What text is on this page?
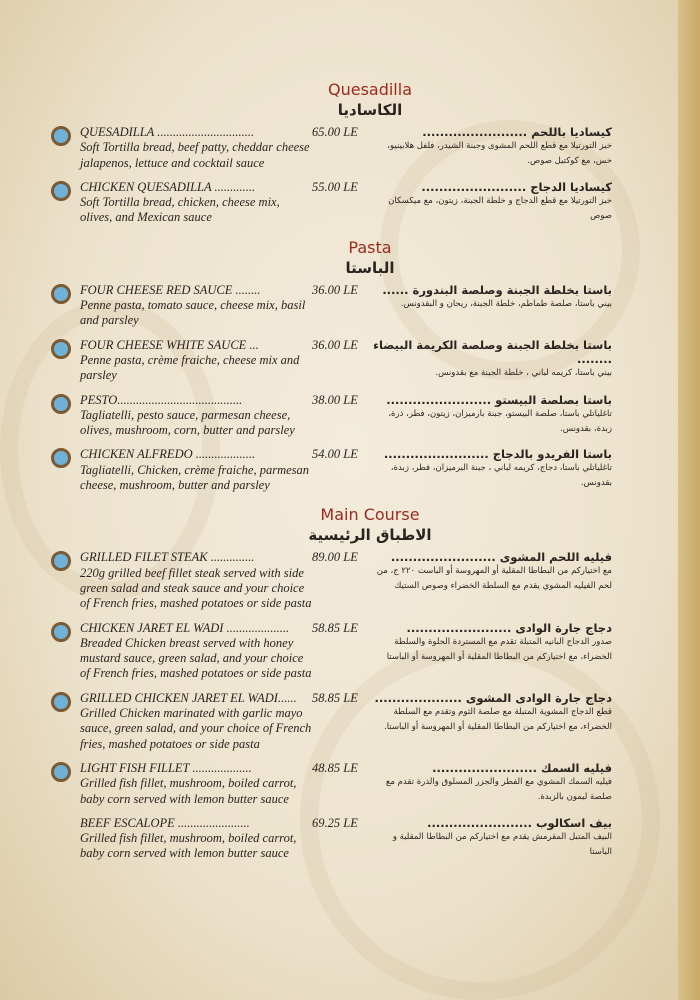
Quesadilla
الكاساديا
QUESADILLA ...............................
Soft Tortilla bread, beef patty, cheddar cheese jalapenos, lettuce and cocktail sauce
65.00 LE	كيساديا باللحم ........................
خبز التورتيلا مع قطع اللحم المشوى وجبنة الشيدر، فلفل هلابينيو، خس، مع كوكتيل صوص.
CHICKEN QUESADILLA .............
Soft Tortilla bread, chicken, cheese mix, olives, and Mexican sauce
55.00 LE	كيساديا الدجاج ........................
خبز التورتيلا مع قطع الدجاج و خلطة الجبنة، زيتون، مع ميكسكان صوص
Pasta
الباستا
FOUR CHEESE RED SAUCE ........
Penne pasta, tomato sauce, cheese mix, basil and parsley
36.00 LE	باستا بخلطة الجبنة وصلصة البندورة ......
بيني باستا، صلصة طماطم، خلطة الجبنة، ريحان و البقدونس.
FOUR CHEESE WHITE SAUCE ...
Penne pasta, crème fraiche, cheese mix and parsley
36.00 LE باستا بخلطة الجبنة وصلصة الكريمة البيضاء ........
بيني باستا، كريمه لباني ، خلطة الجبنة مع بقدونس.
PESTO........................................
Tagliatelli, pesto sauce, parmesan cheese, olives, mushroom, corn, butter and parsley
38.00 LE	باستا بصلصة البيستو ........................
تاغلياتلي باستا، صلصة البيستو، جبنة بارميزان، زيتون، فطر، ذرة، زبدة، بقدونس.
CHICKEN ALFREDO ...................
Tagliatelli, Chicken, crème fraiche, parmesan cheese, mushroom, butter and parsley
54.00 LE	باستا الفريدو بالدجاج ........................
تاغلياتلي باستا، دجاج، كريمه لباني ، جبنة البرميزان، فطر، زبدة، بقدونس.
Main Course
الاطباق الرئيسية
GRILLED FILET STEAK ..............
220g grilled beef fillet steak served with side green salad and steak sauce and your choice of French fries, mashed potatoes or side pasta
89.00 LE	فيليه اللحم المشوى ........................
مع اختياركم من البطاطا المقلية أو المهروسة أو الباست ٢٢٠ ج، من لحم الفيليه المشوي يقدم مع السلطة الخضراء وصوص الستيك
CHICKEN JARET EL WADI ....................
Breaded Chicken breast served with honey mustard sauce, green salad, and your choice of French fries, mashed potatoes or side pasta
58.85 LE	دجاج جارة الوادى ........................
صدور الدجاج البانيه المتبلة تقدم مع المستردة الحلوة والسلطة الخضراء، مع اختياركم من البطاطا المقلية أو المهروسة أو الباستا
GRILLED CHICKEN JARET EL WADI......
Grilled Chicken marinated with garlic mayo sauce, green salad, and your choice of French fries, mashed potatoes or side pasta
58.85 LE دجاج جارة الوادى المشوى ....................
قطع الدجاج المشوية المتبلة مع صلصة الثوم وتقدم مع السلطة الخضراء، مع اختياركم من البطاطا المقلية أو المهروسة أو الباستا.
LIGHT FISH FILLET ...................
Grilled fish fillet, mushroom, boiled carrot, baby corn served with lemon butter sauce
48.85 LE	فيليه السمك ........................
فيليه السمك المشوي مع الفطر والجزر المسلوق والذرة تقدم مع صلصة ليمون بالزبدة.
BEEF ESCALOPE .......................
Grilled fish fillet, mushroom, boiled carrot, baby corn served with lemon butter sauce
69.25 LE	بيف اسكالوب ........................
البيف المتبل المقرمش يقدم مع اختياركم من البطاطا المقلية و الباستا
